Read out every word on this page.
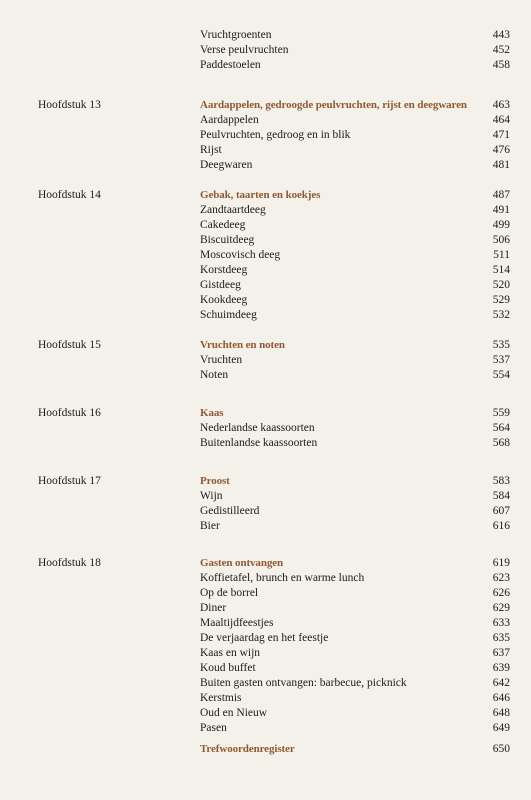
Vruchtgroenten	443
Verse peulvruchten	452
Paddestoelen	458
Hoofdstuk 13	Aardappelen, gedroogde peulvruchten, rijst en deegwaren 463
Aardappelen	464
Peulvruchten, gedroog en in blik	471
Rijst	476
Deegwaren	481
Hoofdstuk 14	Gebak, taarten en koekjes	487
Zandtaartdeeg	491
Cakedeeg	499
Biscuitdeeg	506
Moscovisch deeg	511
Korstdeeg	514
Gistdeeg	520
Kookdeeg	529
Schuimdeeg	532
Hoofdstuk 15	Vruchten en noten	535
Vruchten	537
Noten	554
Hoofdstuk 16	Kaas	559
Nederlandse kaassoorten	564
Buitenlandse kaassoorten	568
Hoofdstuk 17	Proost	583
Wijn	584
Gedistilleerd	607
Bier	616
Hoofdstuk 18	Gasten ontvangen	619
Koffietafel, brunch en warme lunch	623
Op de borrel	626
Diner	629
Maaltijdfeestjes	633
De verjaardag en het feestje	635
Kaas en wijn	637
Koud buffet	639
Buiten gasten ontvangen: barbecue, picknick	642
Kerstmis	646
Oud en Nieuw	648
Pasen	649
Trefwoordenregister	650
